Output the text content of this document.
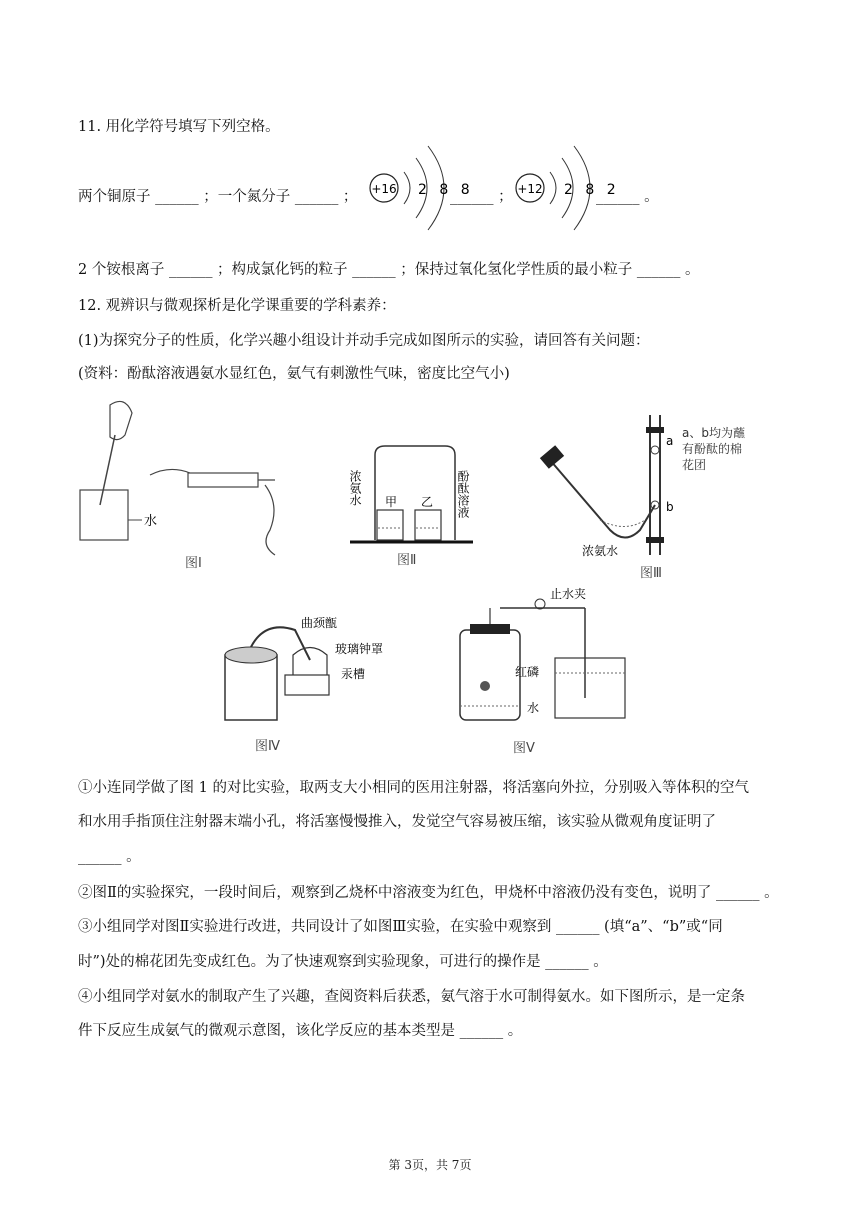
11. 用化学符号填写下列空格。
两个铜原子 ______ ；一个氮分子 ______ ； +16 2 8 8
______ ； +12 2 8 2
______ 。
2 个铵根离子 ______ ；构成氯化钙的粒子 ______ ；保持过氧化氢化学性质的最小粒子 ______ 。
12. 观辨识与微观探析是化学课重要的学科素养：
(1)为探究分子的性质，化学兴趣小组设计并动手完成如图所示的实验，请回答有关问题：
(资料：酚酞溶液遇氨水显红色，氨气有刺激性气味，密度比空气小)
水
图Ⅰ
浓氨水 甲 乙 酚酞溶液
图Ⅱ
a
b
a、b均为蘸有酚酞的棉花团
浓氨水
图Ⅲ
曲颈甑
玻璃钟罩
汞槽
图Ⅳ
止水夹
红磷
水
图Ⅴ
①小连同学做了图 1 的对比实验，取两支大小相同的医用注射器，将活塞向外拉，分别吸入等体积的空气
和水用手指顶住注射器末端小孔，将活塞慢慢推入，发觉空气容易被压缩，该实验从微观角度证明了
______ 。
②图Ⅱ的实验探究，一段时间后，观察到乙烧杯中溶液变为红色，甲烧杯中溶液仍没有变色，说明了 ______ 。
③小组同学对图Ⅱ实验进行改进，共同设计了如图Ⅲ实验，在实验中观察到 ______ (填“a”、“b”或“同
时”)处的棉花团先变成红色。为了快速观察到实验现象，可进行的操作是 ______ 。
④小组同学对氨水的制取产生了兴趣，查阅资料后获悉，氨气溶于水可制得氨水。如下图所示，是一定条
件下反应生成氨气的微观示意图，该化学反应的基本类型是 ______ 。
第 3页，共 7页
